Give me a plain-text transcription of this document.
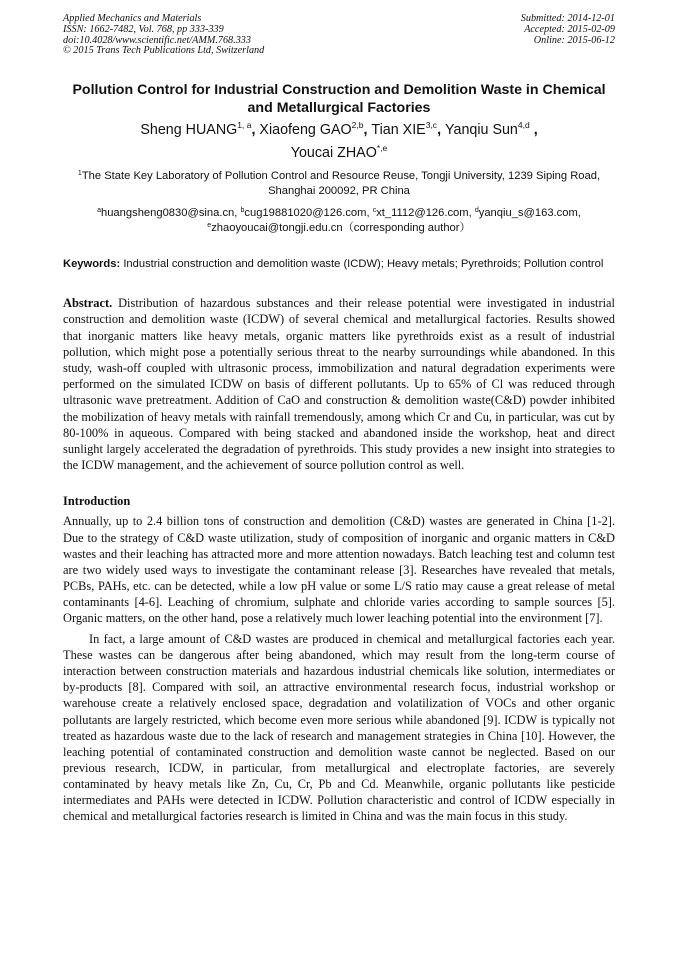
Applied Mechanics and Materials
ISSN: 1662-7482, Vol. 768, pp 333-339
doi:10.4028/www.scientific.net/AMM.768.333
© 2015 Trans Tech Publications Ltd, Switzerland
Submitted: 2014-12-01
Accepted: 2015-02-09
Online: 2015-06-12
Pollution Control for Industrial Construction and Demolition Waste in Chemical and Metallurgical Factories
Sheng HUANG$^{1, a}$, Xiaofeng GAO$^{2,b}$, Tian XIE$^{3,c}$, Yanqiu Sun$^{4,d}$ ,
Youcai $ZHAO^{*,e}$
$^1$The State Key Laboratory of Pollution Control and Resource Reuse, Tongji University, 1239 Siping Road, Shanghai 200092, PR China
$^a$huangsheng0830@sina.cn, $^b$cug19881020@126.com, $^c$xt_1112@126.com, $^d$yanqiu_s@163.com,
$^e$zhaoyoucai@tongji.edu.cn（corresponding author）
Keywords: Industrial construction and demolition waste (ICDW); Heavy metals; Pyrethroids; Pollution control
Abstract. Distribution of hazardous substances and their release potential were investigated in industrial construction and demolition waste (ICDW) of several chemical and metallurgical factories. Results showed that inorganic matters like heavy metals, organic matters like pyrethroids exist as a result of industrial pollution, which might pose a potentially serious threat to the nearby surroundings while abandoned. In this study, wash-off coupled with ultrasonic process, immobilization and natural degradation experiments were performed on the simulated ICDW on basis of different pollutants. Up to 65% of Cl was reduced through ultrasonic wave pretreatment. Addition of CaO and construction & demolition waste(C&D) powder inhibited the mobilization of heavy metals with rainfall tremendously, among which Cr and Cu, in particular, was cut by 80-100% in aqueous. Compared with being stacked and abandoned inside the workshop, heat and direct sunlight largely accelerated the degradation of pyrethroids. This study provides a new insight into strategies to the ICDW management, and the achievement of source pollution control as well.
Introduction
Annually, up to 2.4 billion tons of construction and demolition (C&D) wastes are generated in China [1-2]. Due to the strategy of C&D waste utilization, study of composition of inorganic and organic matters in C&D wastes and their leaching has attracted more and more attention nowadays. Batch leaching test and column test are two widely used ways to investigate the contaminant release [3]. Researches have revealed that metals, PCBs, PAHs, etc. can be detected, while a low pH value or some L/S ratio may cause a great release of metal contaminants [4-6]. Leaching of chromium, sulphate and chloride varies according to sample sources [5]. Organic matters, on the other hand, pose a relatively much lower leaching potential into the environment [7].
In fact, a large amount of C&D wastes are produced in chemical and metallurgical factories each year. These wastes can be dangerous after being abandoned, which may result from the long-term course of interaction between construction materials and hazardous industrial chemicals like solution, intermediates or by-products [8]. Compared with soil, an attractive environmental research focus, industrial workshop or warehouse create a relatively enclosed space, degradation and volatilization of VOCs and other organic pollutants are largely restricted, which become even more serious while abandoned [9]. ICDW is typically not treated as hazardous waste due to the lack of research and management strategies in China [10]. However, the leaching potential of contaminated construction and demolition waste cannot be neglected. Based on our previous research, ICDW, in particular, from metallurgical and electroplate factories, are severely contaminated by heavy metals like Zn, Cu, Cr, Pb and Cd. Meanwhile, organic pollutants like pesticide intermediates and PAHs were detected in ICDW. Pollution characteristic and control of ICDW especially in chemical and metallurgical factories research is limited in China and was the main focus in this study.
